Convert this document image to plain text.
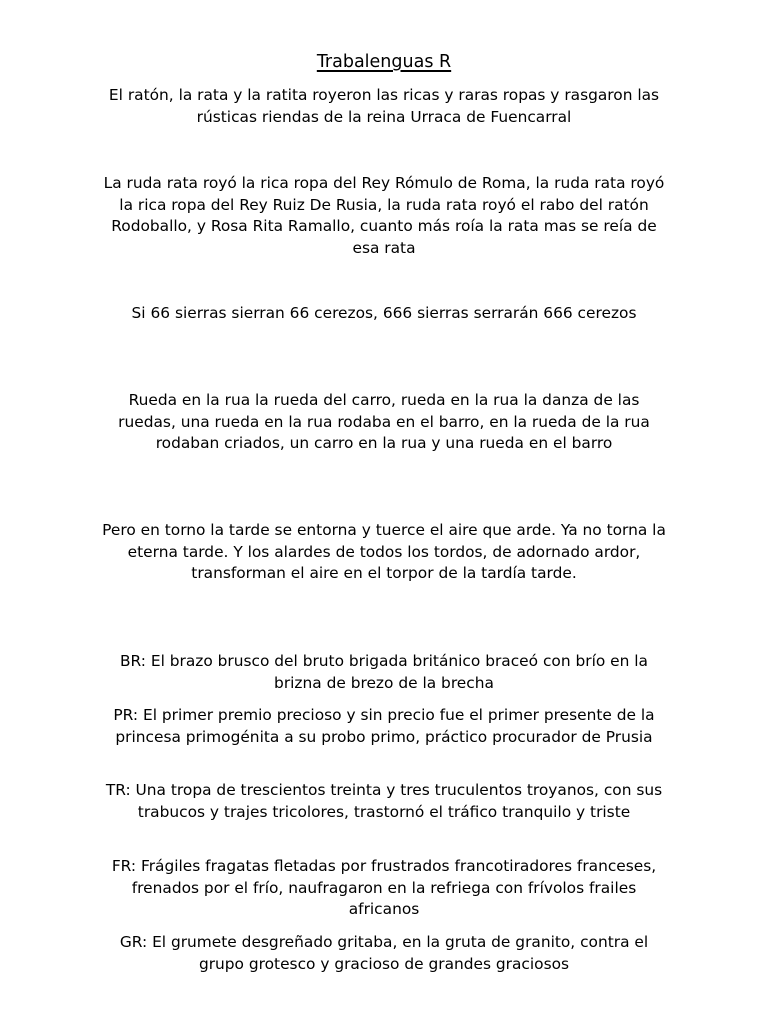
Trabalenguas R

El ratón, la rata y la ratita royeron las ricas y raras ropas y rasgaron las rústicas riendas de la reina Urraca de Fuencarral

La ruda rata royó la rica ropa del Rey Rómulo de Roma, la ruda rata royó la rica ropa del Rey Ruiz De Rusia, la ruda rata royó el rabo del ratón Rodoballo, y Rosa Rita Ramallo, cuanto más roía la rata mas se reía de esa rata

Si 66 sierras sierran 66 cerezos, 666 sierras serrarán 666 cerezos

Rueda en la rua la rueda del carro, rueda en la rua la danza de las ruedas, una rueda en la rua rodaba en el barro, en la rueda de la rua rodaban criados, un carro en la rua y una rueda en el barro

Pero en torno la tarde se entorna y tuerce el aire que arde. Ya no torna la eterna tarde. Y los alardes de todos los tordos, de adornado ardor, transforman el aire en el torpor de la tardía tarde.

BR: El brazo brusco del bruto brigada británico braceó con brío en la brizna de brezo de la brecha

PR: El primer premio precioso y sin precio fue el primer presente de la princesa primogénita a su probo primo, práctico procurador de Prusia

TR: Una tropa de trescientos treinta y tres truculentos troyanos, con sus trabucos y trajes tricolores, trastornó el tráfico tranquilo y triste

FR: Frágiles fragatas fletadas por frustrados francotiradores franceses, frenados por el frío, naufragaron en la refriega con frívolos frailes africanos

GR: El grumete desgreñado gritaba, en la gruta de granito, contra el grupo grotesco y gracioso de grandes graciosos
